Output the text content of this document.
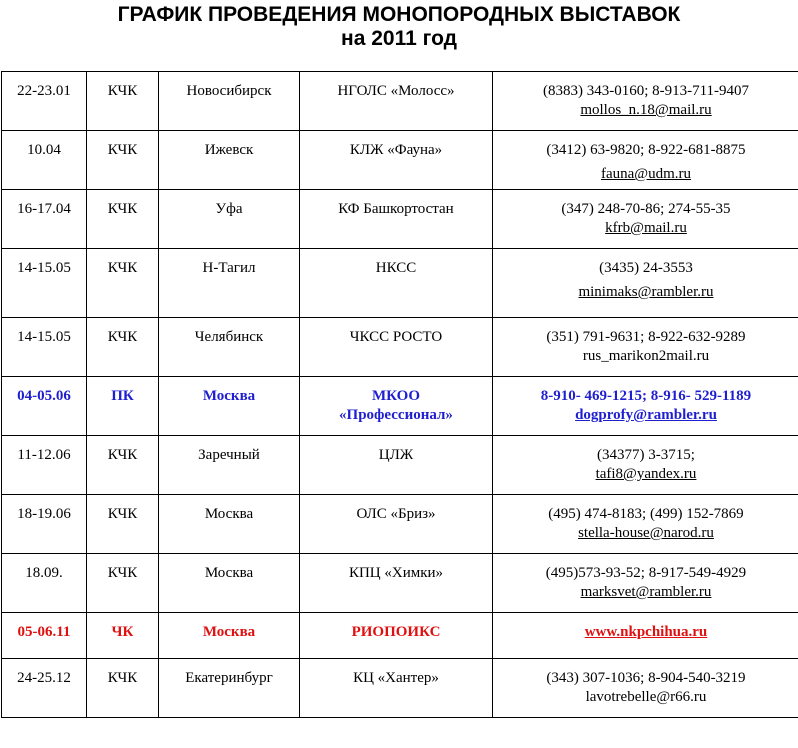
ГРАФИК ПРОВЕДЕНИЯ МОНОПОРОДНЫХ ВЫСТАВОК
на 2011 год
22-23.01	КЧК	Новосибирск	НГОЛС «Молосс»	(8383) 343-0160; 8-913-711-9407
mollos_n.18@mail.ru

10.04	КЧК	Ижевск	КЛЖ «Фауна»	(3412) 63-9820; 8-922-681-8875
fauna@udm.ru

16-17.04	КЧК	Уфа	КФ Башкортостан	(347) 248-70-86; 274-55-35
kfrb@mail.ru

14-15.05	КЧК	Н-Тагил	НКСС	(3435) 24-3553
minimaks@rambler.ru

14-15.05	КЧК	Челябинск	ЧКСС РОСТО	(351) 791-9631; 8-922-632-9289
rus_marikon2mail.ru

04-05.06	ПК	Москва	МКОО
«Профессионал»	8-910- 469-1215; 8-916- 529-1189
dogprofy@rambler.ru

11-12.06	КЧК	Заречный	ЦЛЖ	(34377) 3-3715;
tafi8@yandex.ru

18-19.06	КЧК	Москва	ОЛС «Бриз»	(495) 474-8183; (499) 152-7869
stella-house@narod.ru

18.09.	КЧК	Москва	КПЦ «Химки»	(495)573-93-52; 8-917-549-4929
marksvet@rambler.ru

05-06.11	ЧК	Москва	РИОПОИКС	www.nkpchihua.ru

24-25.12	КЧК	Екатеринбург	КЦ «Хантер»	(343) 307-1036; 8-904-540-3219
lavotrebelle@r66.ru
